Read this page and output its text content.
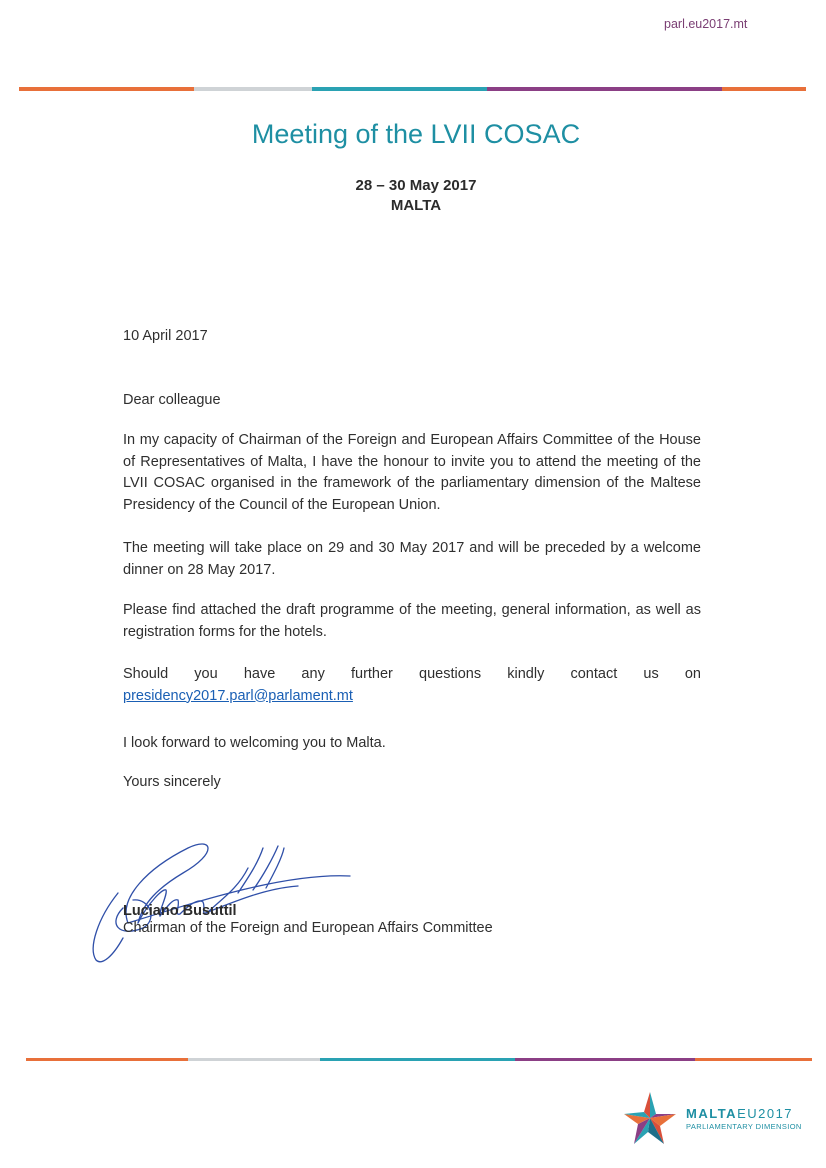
parl.eu2017.mt
Meeting of the LVII COSAC
28 – 30 May 2017
MALTA
10 April 2017
Dear colleague
In my capacity of Chairman of the Foreign and European Affairs Committee of the House of Representatives of Malta, I have the honour to invite you to attend the meeting of the LVII COSAC organised in the framework of the parliamentary dimension of the Maltese Presidency of the Council of the European Union.
The meeting will take place on 29 and 30 May 2017 and will be preceded by a welcome dinner on 28 May 2017.
Please find attached the draft programme of the meeting, general information, as well as registration forms for the hotels.
Should you have any further questions kindly contact us on
presidency2017.parl@parlament.mt
I look forward to welcoming you to Malta.
Yours sincerely
Luciano Busuttil
Chairman of the Foreign and European Affairs Committee
MALTAEU2017
PARLIAMENTARY DIMENSION
